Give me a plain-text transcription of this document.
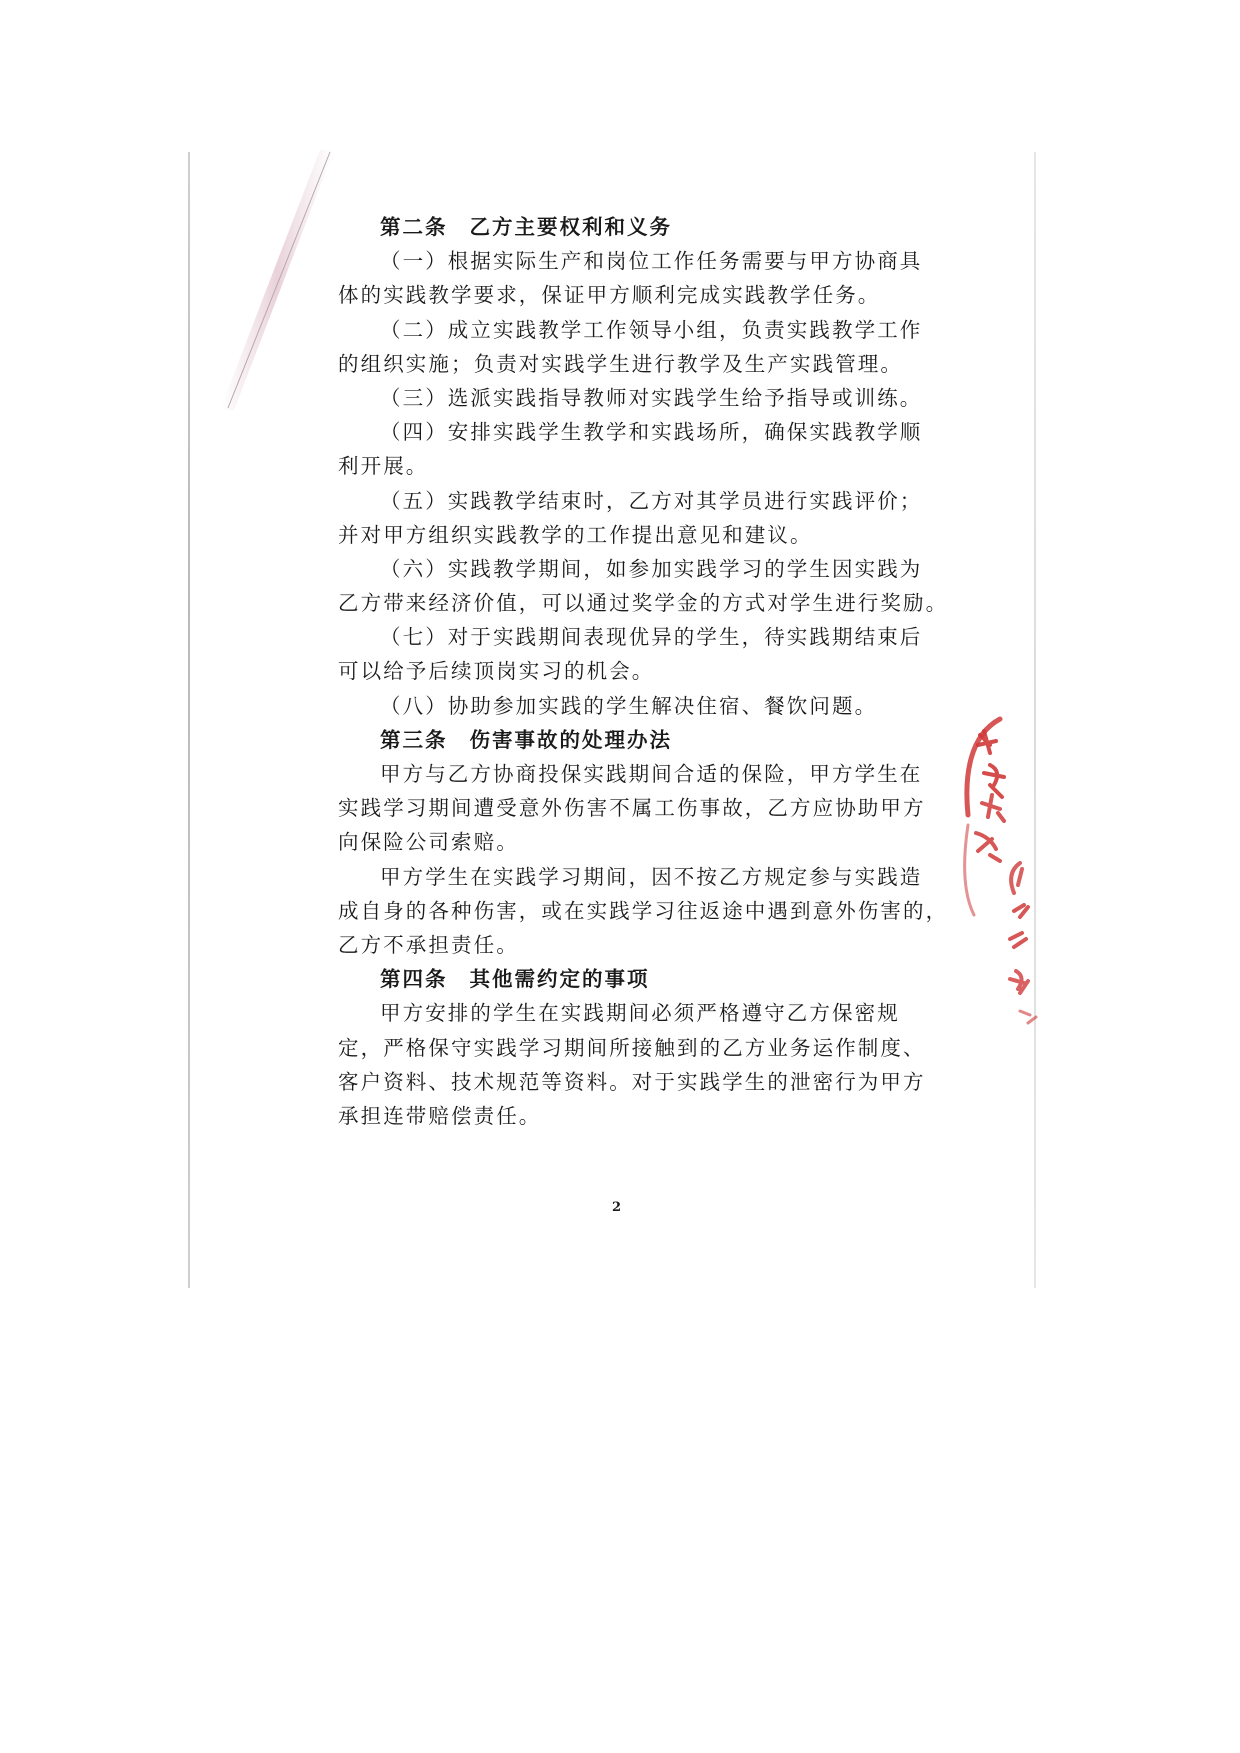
第二条 乙方主要权利和义务
（一）根据实际生产和岗位工作任务需要与甲方协商具
体的实践教学要求，保证甲方顺利完成实践教学任务。
（二）成立实践教学工作领导小组，负责实践教学工作
的组织实施；负责对实践学生进行教学及生产实践管理。
（三）选派实践指导教师对实践学生给予指导或训练。
（四）安排实践学生教学和实践场所，确保实践教学顺
利开展。
（五）实践教学结束时，乙方对其学员进行实践评价；
并对甲方组织实践教学的工作提出意见和建议。
（六）实践教学期间，如参加实践学习的学生因实践为
乙方带来经济价值，可以通过奖学金的方式对学生进行奖励。
（七）对于实践期间表现优异的学生，待实践期结束后
可以给予后续顶岗实习的机会。
（八）协助参加实践的学生解决住宿、餐饮问题。
第三条 伤害事故的处理办法
甲方与乙方协商投保实践期间合适的保险，甲方学生在
实践学习期间遭受意外伤害不属工伤事故，乙方应协助甲方
向保险公司索赔。
甲方学生在实践学习期间，因不按乙方规定参与实践造
成自身的各种伤害，或在实践学习往返途中遇到意外伤害的，
乙方不承担责任。
第四条 其他需约定的事项
甲方安排的学生在实践期间必须严格遵守乙方保密规
定，严格保守实践学习期间所接触到的乙方业务运作制度、
客户资料、技术规范等资料。对于实践学生的泄密行为甲方
承担连带赔偿责任。
2
